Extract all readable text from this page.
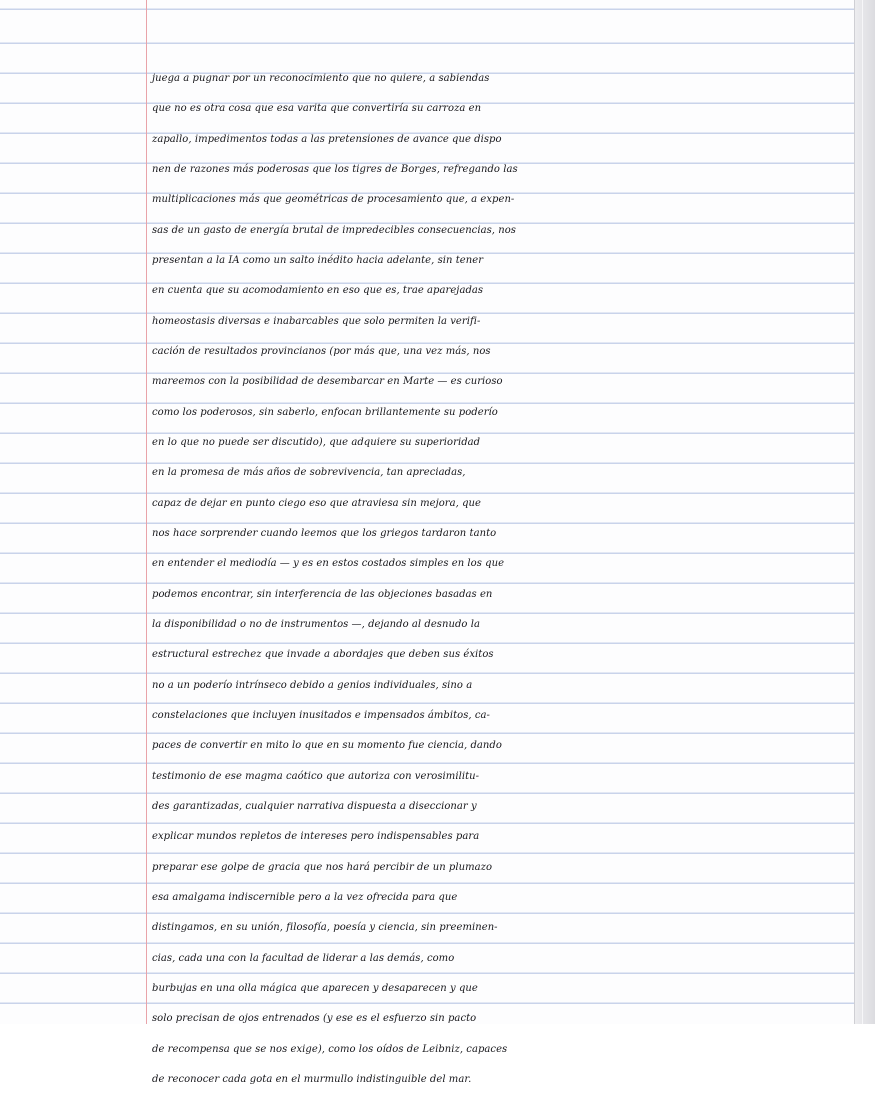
juega a pugnar por un reconocimiento que no quiere, a sabiendas
que no es otra cosa que esa varita que convertiría su carroza en
zapallo, impedimentos todas a las pretensiones de avance que dispo
nen de razones más poderosas que los tigres de Borges, refregando las
multiplicaciones más que geométricas de procesamiento que, a expen-
sas de un gasto de energía brutal de impredecibles consecuencias, nos
presentan a la IA como un salto inédito hacia adelante, sin tener
en cuenta que su acomodamiento en eso que es, trae aparejadas
homeostasis diversas e inabarcables que solo permiten la verifi-
cación de resultados provincianos (por más que, una vez más, nos
mareemos con la posibilidad de desembarcar en Marte — es curioso
como los poderosos, sin saberlo, enfocan brillantemente su poderío
en lo que no puede ser discutido), que adquiere su superioridad
en la promesa de más años de sobrevivencia, tan apreciadas,
capaz de dejar en punto ciego eso que atraviesa sin mejora, que
nos hace sorprender cuando leemos que los griegos tardaron tanto
en entender el mediodía — y es en estos costados simples en los que
podemos encontrar, sin interferencia de las objeciones basadas en
la disponibilidad o no de instrumentos —, dejando al desnudo la
estructural estrechez que invade a abordajes que deben sus éxitos
no a un poderío intrínseco debido a genios individuales, sino a
constelaciones que incluyen inusitados e impensados ámbitos, ca-
paces de convertir en mito lo que en su momento fue ciencia, dando
testimonio de ese magma caótico que autoriza con verosimilitu-
des garantizadas, cualquier narrativa dispuesta a diseccionar y
explicar mundos repletos de intereses pero indispensables para
preparar ese golpe de gracia que nos hará percibir de un plumazo
esa amalgama indiscernible pero a la vez ofrecida para que
distingamos, en su unión, filosofía, poesía y ciencia, sin preeminen-
cias, cada una con la facultad de liderar a las demás, como
burbujas en una olla mágica que aparecen y desaparecen y que
solo precisan de ojos entrenados (y ese es el esfuerzo sin pacto
de recompensa que se nos exige), como los oídos de Leibniz, capaces
de reconocer cada gota en el murmullo indistinguible del mar.
